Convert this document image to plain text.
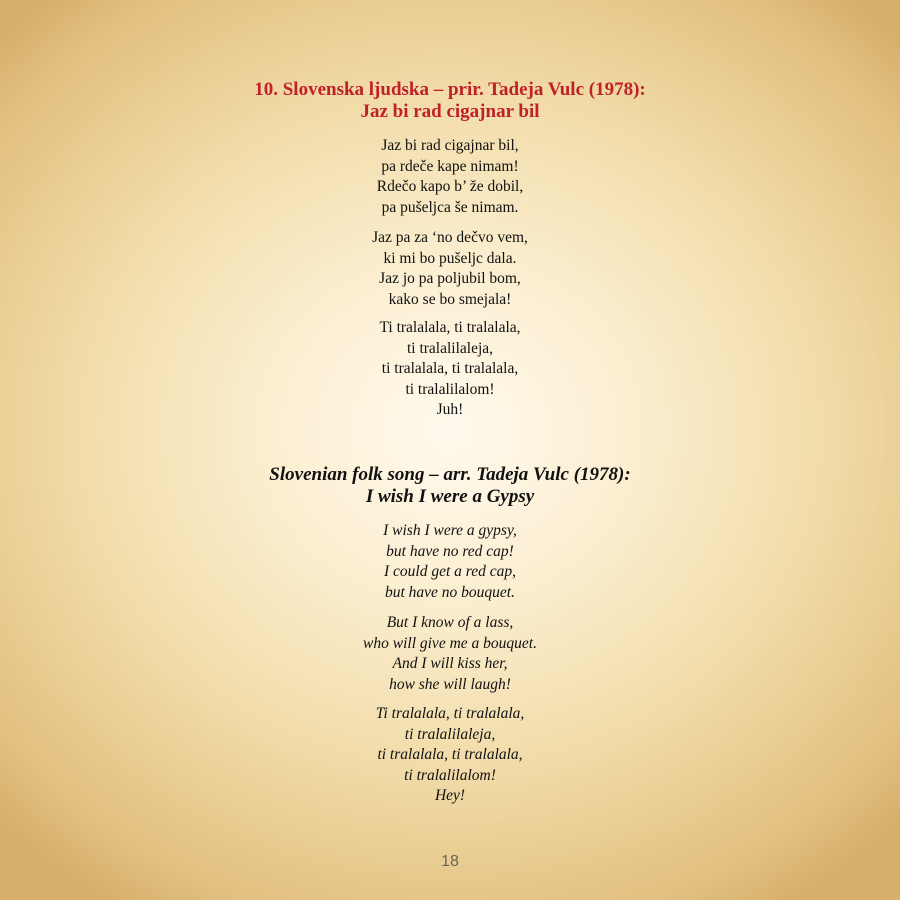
10. Slovenska ljudska – prir. Tadeja Vulc (1978):
Jaz bi rad cigajnar bil
Jaz bi rad cigajnar bil,
pa rdeče kape nimam!
Rdečo kapo b’ že dobil,
pa pušeljca še nimam.
Jaz pa za ‘no dečvo vem,
ki mi bo pušeljc dala.
Jaz jo pa poljubil bom,
kako se bo smejala!
Ti tralalala, ti tralalala,
ti tralalilaleja,
ti tralalala, ti tralalala,
ti tralalilalom!
Juh!
Slovenian folk song – arr. Tadeja Vulc (1978):
I wish I were a Gypsy
I wish I were a gypsy,
but have no red cap!
I could get a red cap,
but have no bouquet.
But I know of a lass,
who will give me a bouquet.
And I will kiss her,
how she will laugh!
Ti tralalala, ti tralalala,
ti tralalilaleja,
ti tralalala, ti tralalala,
ti tralalilalom!
Hey!
18
